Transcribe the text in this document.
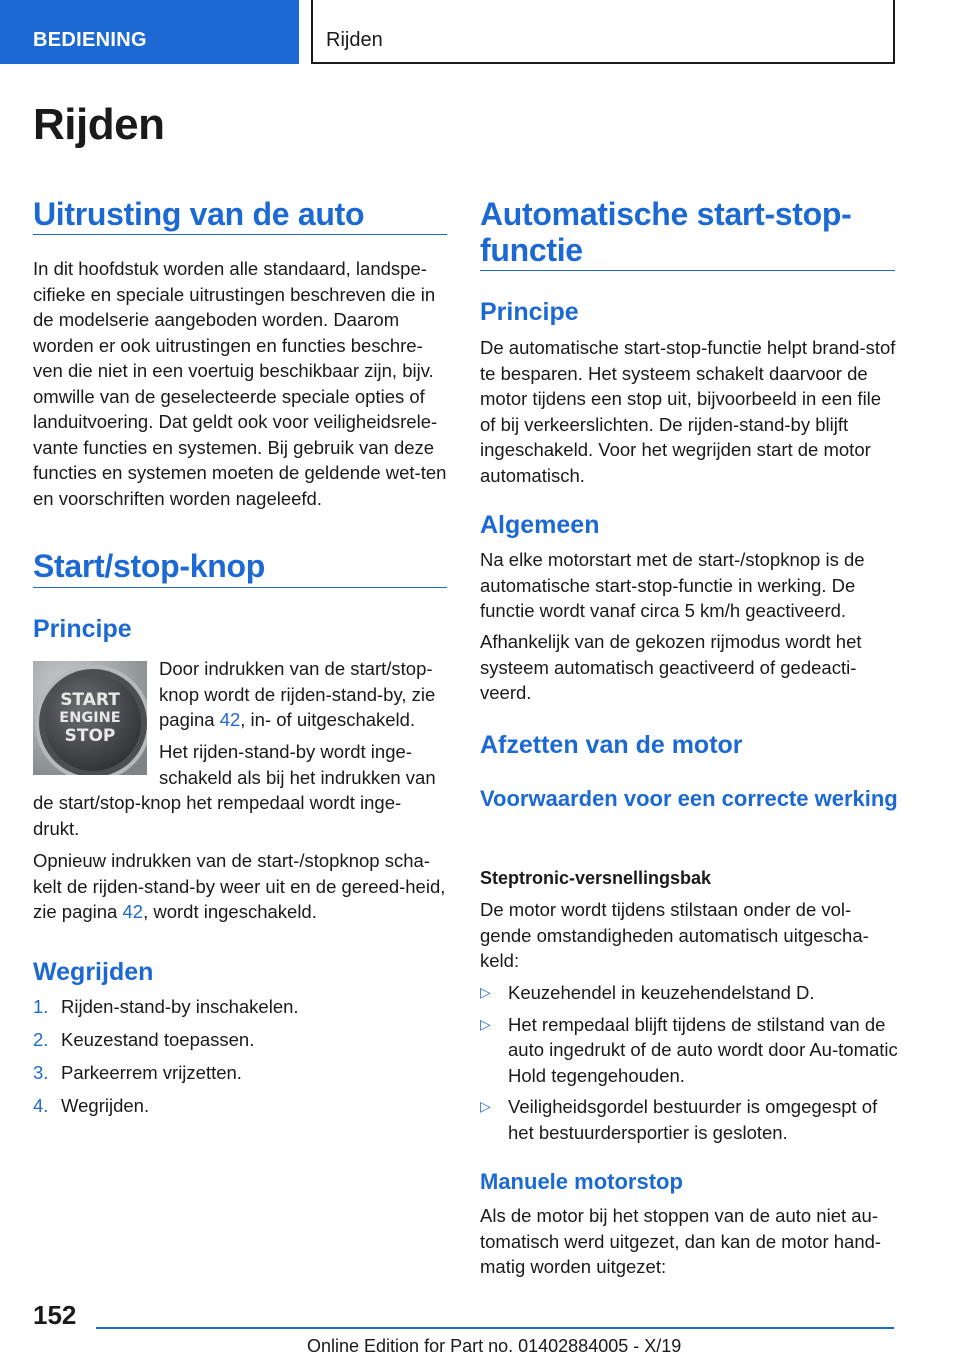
BEDIENING	Rijden
Rijden
Uitrusting van de auto

In dit hoofdstuk worden alle standaard, landspe-cifieke en speciale uitrustingen beschreven die in de modelserie aangeboden worden. Daarom worden er ook uitrustingen en functies beschre-ven die niet in een voertuig beschikbaar zijn, bijv. omwille van de geselecteerde speciale opties of landuitvoering. Dat geldt ook voor veiligheidsrele-vante functies en systemen. Bij gebruik van deze functies en systemen moeten de geldende wet-ten en voorschriften worden nageleefd.

Start/stop-knop
Principe
START
ENGINE
STOP

Door indrukken van de start/stop-knop wordt de rijden-stand-by, zie pagina 42, in- of uitgeschakeld.

Het rijden-stand-by wordt inge-
schakeld als bij het indrukken van

de start/stop-knop het rempedaal wordt inge-
drukt.

Opnieuw indrukken van de start-/stopknop scha-kelt de rijden-stand-by weer uit en de gereed-heid, zie pagina 42, wordt ingeschakeld.

Wegrijden
1. Rijden-stand-by inschakelen.
2. Keuzestand toepassen.
3. Parkeerrem vrijzetten.
4. Wegrijden.
Automatische start-stop-
functie
Principe

De automatische start-stop-functie helpt brand-stof te besparen. Het systeem schakelt daarvoor de motor tijdens een stop uit, bijvoorbeeld in een file of bij verkeerslichten. De rijden-stand-by blijft ingeschakeld. Voor het wegrijden start de motor automatisch.

Algemeen

Na elke motorstart met de start-/stopknop is de automatische start-stop-functie in werking. De functie wordt vanaf circa 5 km/h geactiveerd.

Afhankelijk van de gekozen rijmodus wordt het systeem automatisch geactiveerd of gedeacti-veerd.

Afzetten van de motor
Voorwaarden voor een correcte werking
Steptronic-versnellingsbak

De motor wordt tijdens stilstaan onder de vol-gende omstandigheden automatisch uitgescha-keld:

▷ Keuzehendel in keuzehendelstand D.
▷ Het rempedaal blijft tijdens de stilstand van de auto ingedrukt of de auto wordt door Au-tomatic Hold tegengehouden.
▷ Veiligheidsgordel bestuurder is omgegespt of het bestuurdersportier is gesloten.
Manuele motorstop

Als de motor bij het stoppen van de auto niet au-tomatisch werd uitgezet, dan kan de motor hand-matig worden uitgezet:

152

Online Edition for Part no. 01402884005 - X/19
